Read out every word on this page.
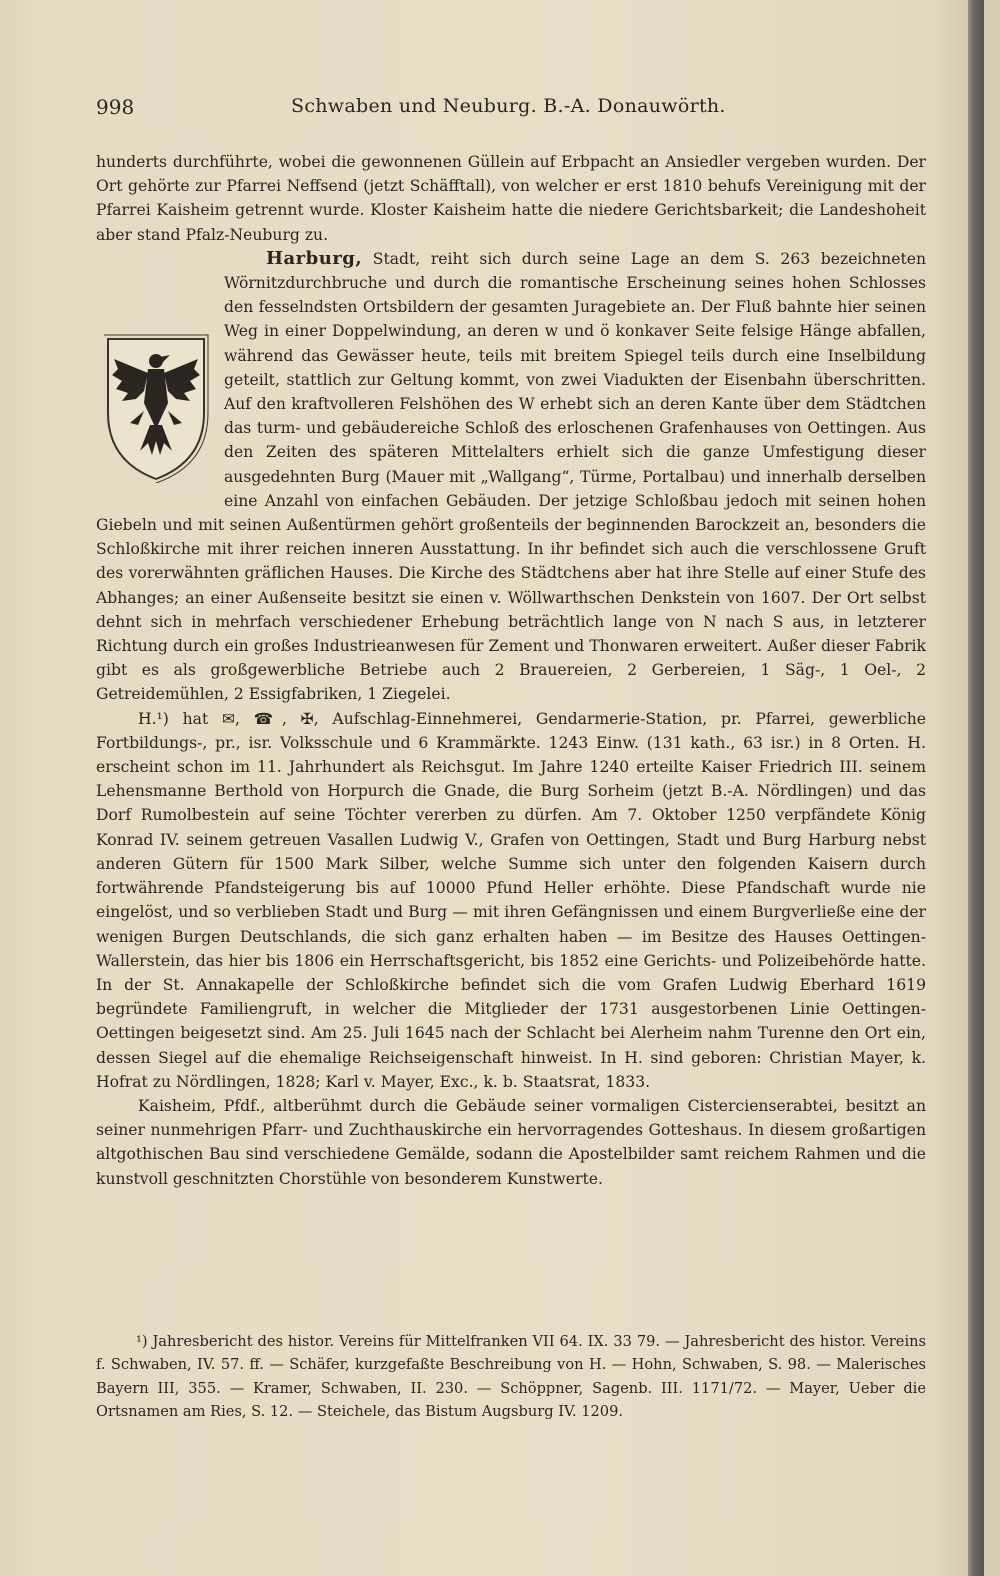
998	Schwaben und Neuburg. B.-A. Donauwörth.

hunderts durchführte, wobei die gewonnenen Güllein auf Erbpacht an Ansiedler vergeben wurden. Der Ort gehörte zur Pfarrei Neffsend (jetzt Schäfftall), von welcher er erst 1810 behufs Vereinigung mit der Pfarrei Kaisheim getrennt wurde. Kloster Kaisheim hatte die niedere Gerichtsbarkeit; die Landeshoheit aber stand Pfalz-Neuburg zu.

Harburg, Stadt, reiht sich durch seine Lage an dem S. 263 bezeichneten Wörnitzdurchbruche und durch die romantische Erscheinung seines hohen Schlosses den fesselndsten Ortsbildern der gesamten Juragebiete an. Der Fluß bahnte hier seinen Weg in einer Doppelwindung, an deren w und ö konkaver Seite felsige Hänge abfallen, während das Gewässer heute, teils mit breitem Spiegel teils durch eine Inselbildung geteilt, stattlich zur Geltung kommt, von zwei Viadukten der Eisenbahn überschritten. Auf den kraftvolleren Felshöhen des W erhebt sich an deren Kante über dem Städtchen das turm- und gebäudereiche Schloß des erloschenen Grafenhauses von Oettingen. Aus den Zeiten des späteren Mittelalters erhielt sich die ganze Umfestigung dieser ausgedehnten Burg (Mauer mit „Wallgang“, Türme, Portalbau) und innerhalb derselben eine Anzahl von einfachen Gebäuden. Der jetzige Schloßbau jedoch mit seinen hohen Giebeln und mit seinen Außentürmen gehört großenteils der beginnenden Barockzeit an, besonders die Schloßkirche mit ihrer reichen inneren Ausstattung. In ihr befindet sich auch die verschlossene Gruft des vorerwähnten gräflichen Hauses. Die Kirche des Städtchens aber hat ihre Stelle auf einer Stufe des Abhanges; an einer Außenseite besitzt sie einen v. Wöllwarthschen Denkstein von 1607. Der Ort selbst dehnt sich in mehrfach verschiedener Erhebung beträchtlich lange von N nach S aus, in letzterer Richtung durch ein großes Industrieanwesen für Zement und Thonwaren erweitert. Außer dieser Fabrik gibt es als großgewerbliche Betriebe auch 2 Brauereien, 2 Gerbereien, 1 Säg-, 1 Oel-, 2 Getreidemühlen, 2 Essigfabriken, 1 Ziegelei.

H.¹) hat ✉, ☎, ✠, Aufschlag-Einnehmerei, Gendarmerie-Station, pr. Pfarrei, gewerbliche Fortbildungs-, pr., isr. Volksschule und 6 Krammärkte. 1243 Einw. (131 kath., 63 isr.) in 8 Orten. H. erscheint schon im 11. Jahrhundert als Reichsgut. Im Jahre 1240 erteilte Kaiser Friedrich III. seinem Lehensmanne Berthold von Horpurch die Gnade, die Burg Sorheim (jetzt B.-A. Nördlingen) und das Dorf Rumolbestein auf seine Töchter vererben zu dürfen. Am 7. Oktober 1250 verpfändete König Konrad IV. seinem getreuen Vasallen Ludwig V., Grafen von Oettingen, Stadt und Burg Harburg nebst anderen Gütern für 1500 Mark Silber, welche Summe sich unter den folgenden Kaisern durch fortwährende Pfandsteigerung bis auf 10000 Pfund Heller erhöhte. Diese Pfandschaft wurde nie eingelöst, und so verblieben Stadt und Burg — mit ihren Gefängnissen und einem Burgverließe eine der wenigen Burgen Deutschlands, die sich ganz erhalten haben — im Besitze des Hauses Oettingen-Wallerstein, das hier bis 1806 ein Herrschaftsgericht, bis 1852 eine Gerichts- und Polizeibehörde hatte. In der St. Annakapelle der Schloßkirche befindet sich die vom Grafen Ludwig Eberhard 1619 begründete Familiengruft, in welcher die Mitglieder der 1731 ausgestorbenen Linie Oettingen-Oettingen beigesetzt sind. Am 25. Juli 1645 nach der Schlacht bei Alerheim nahm Turenne den Ort ein, dessen Siegel auf die ehemalige Reichseigenschaft hinweist. In H. sind geboren: Christian Mayer, k. Hofrat zu Nördlingen, 1828; Karl v. Mayer, Exc., k. b. Staatsrat, 1833.

Kaisheim, Pfdf., altberühmt durch die Gebäude seiner vormaligen Cistercienserabtei, besitzt an seiner nunmehrigen Pfarr- und Zuchthauskirche ein hervorragendes Gotteshaus. In diesem großartigen altgothischen Bau sind verschiedene Gemälde, sodann die Apostelbilder samt reichem Rahmen und die kunstvoll geschnitzten Chorstühle von besonderem Kunstwerte.

¹) Jahresbericht des histor. Vereins für Mittelfranken VII 64. IX. 33 79. — Jahresbericht des histor. Vereins f. Schwaben, IV. 57. ff. — Schäfer, kurzgefaßte Beschreibung von H. — Hohn, Schwaben, S. 98. — Malerisches Bayern III, 355. — Kramer, Schwaben, II. 230. — Schöppner, Sagenb. III. 1171/72. — Mayer, Ueber die Ortsnamen am Ries, S. 12. — Steichele, das Bistum Augsburg IV. 1209.
